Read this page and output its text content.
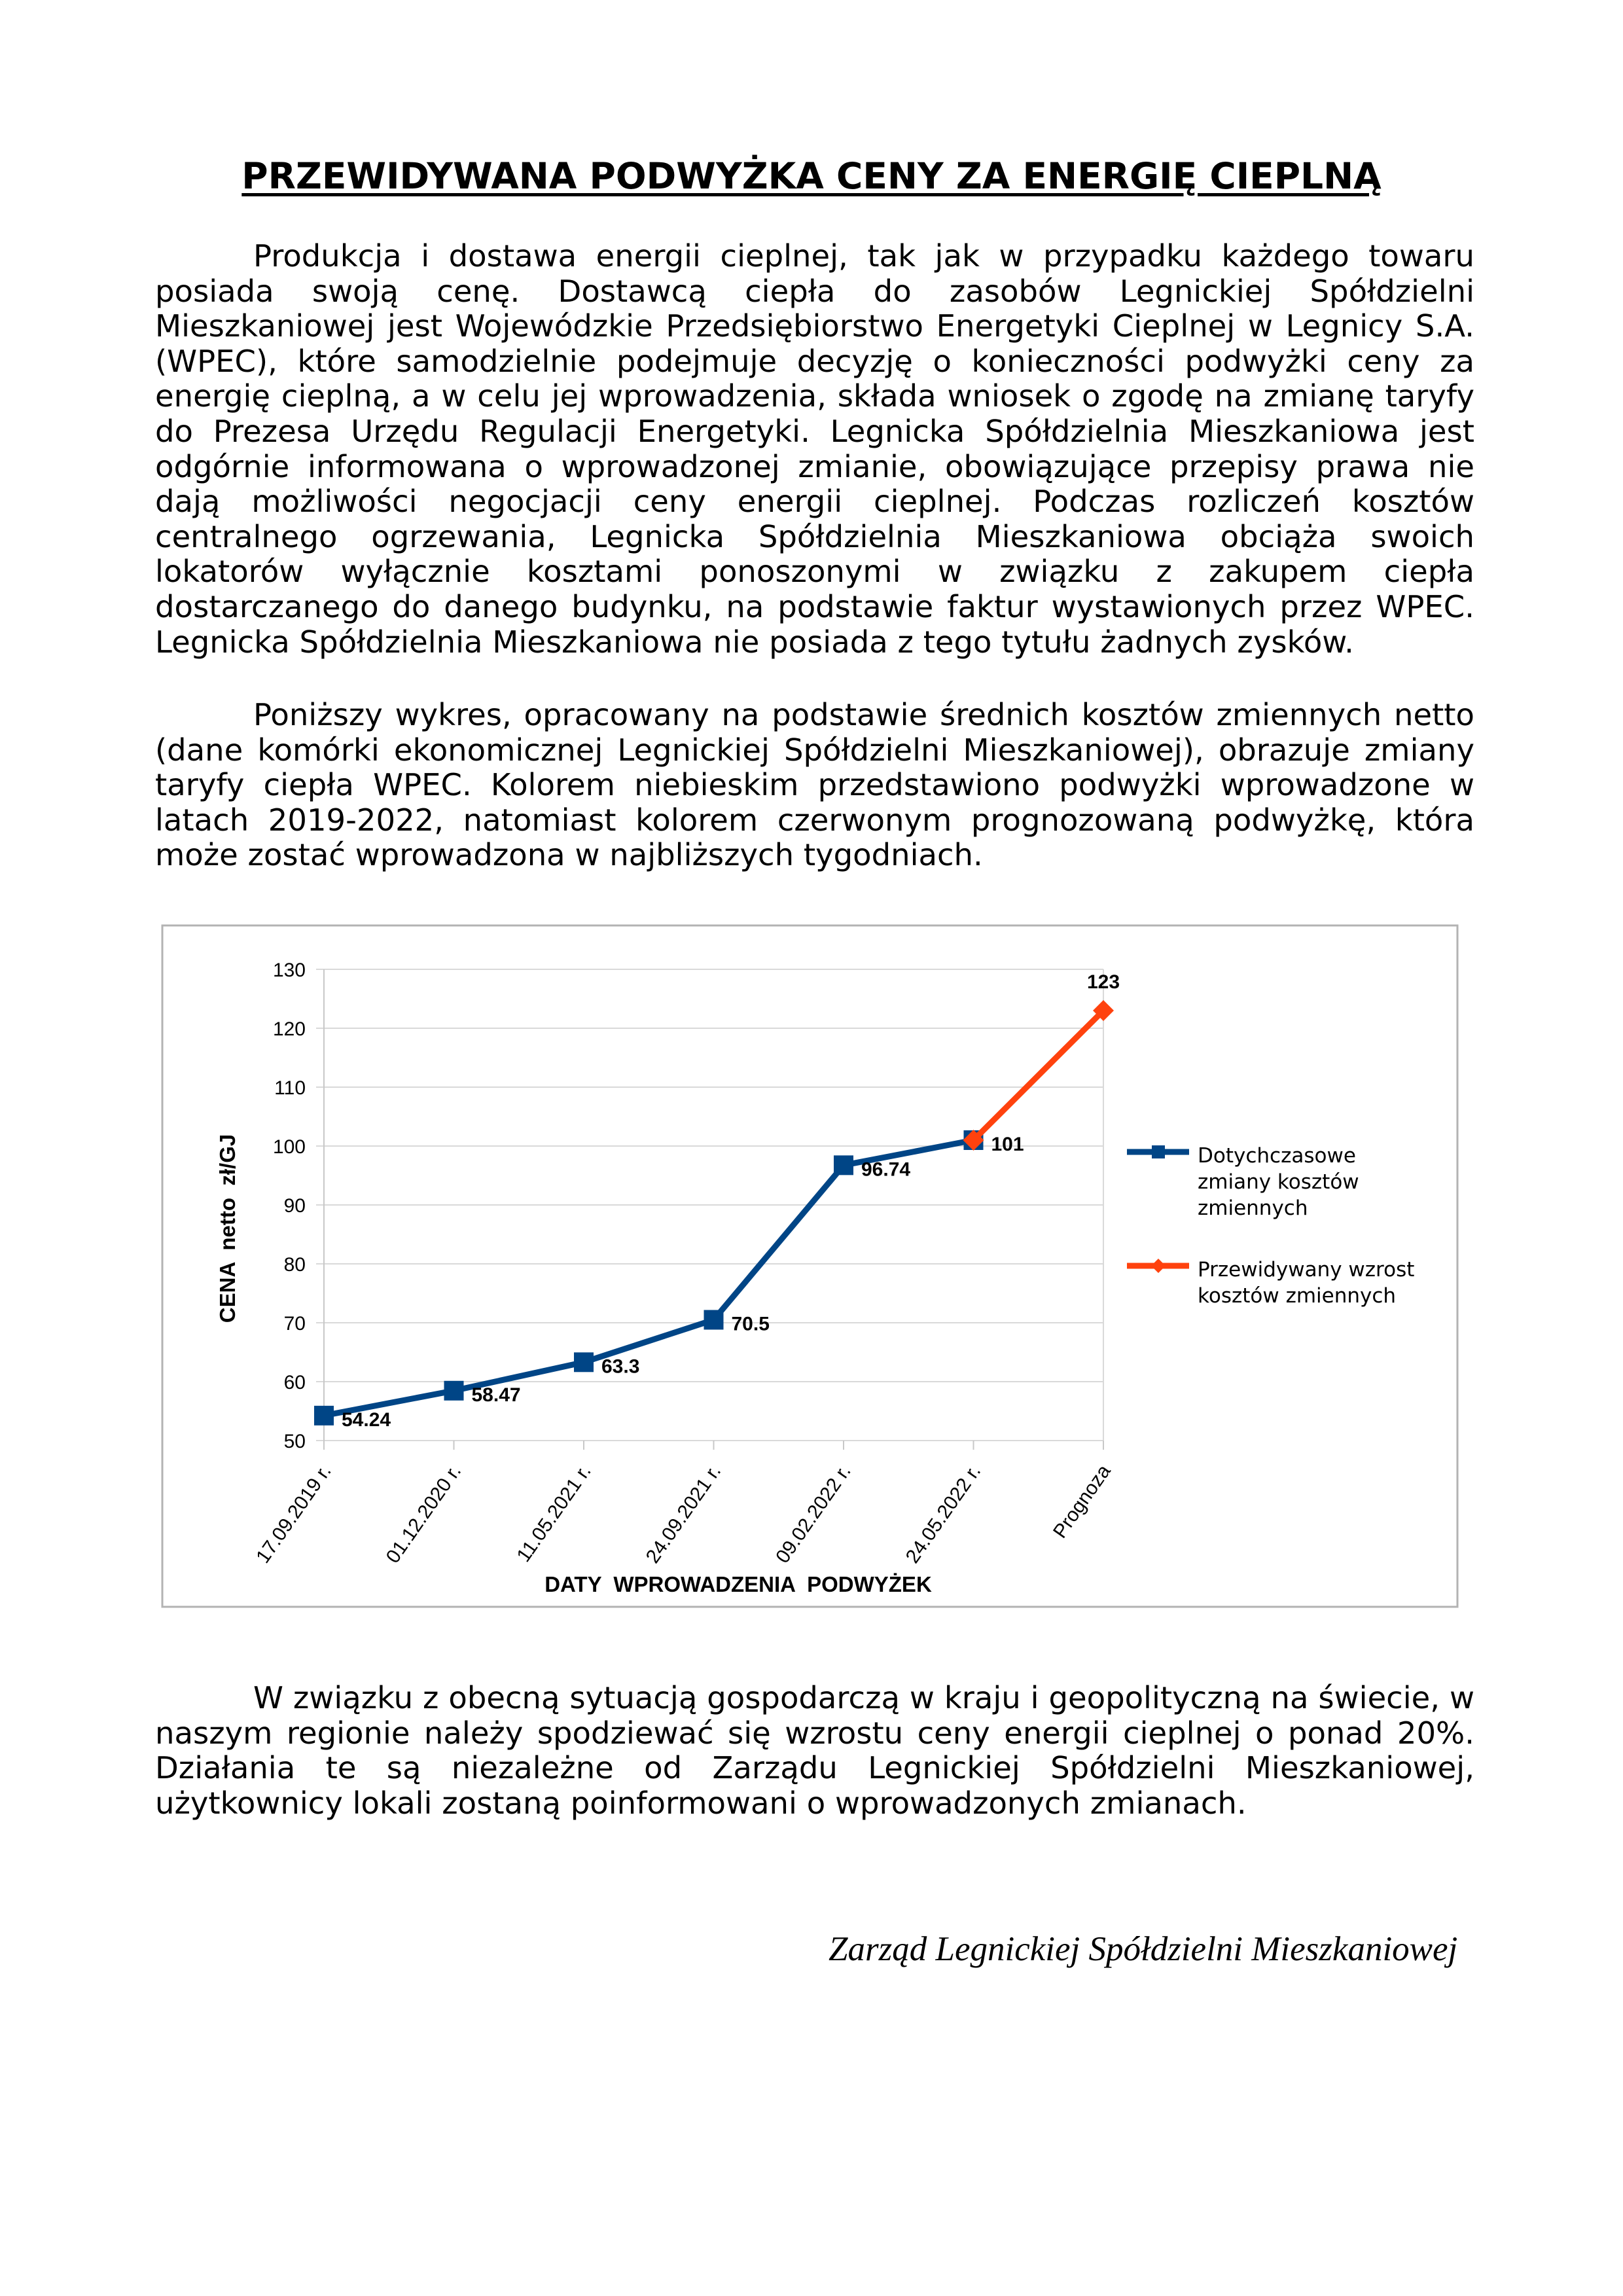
PRZEWIDYWANA PODWYŻKA CENY ZA ENERGIĘ CIEPLNĄ

Produkcja i dostawa energii cieplnej, tak jak w przypadku każdego towaru posiada swoją cenę. Dostawcą ciepła do zasobów Legnickiej Spółdzielni Mieszkaniowej jest Wojewódzkie Przedsiębiorstwo Energetyki Cieplnej w Legnicy S.A. (WPEC), które samodzielnie podejmuje decyzję o konieczności podwyżki ceny za energię cieplną, a w celu jej wprowadzenia, składa wniosek o zgodę na zmianę taryfy do Prezesa Urzędu Regulacji Energetyki. Legnicka Spółdzielnia Mieszkaniowa jest odgórnie informowana o wprowadzonej zmianie, obowiązujące przepisy prawa nie dają możliwości negocjacji ceny energii cieplnej. Podczas rozliczeń kosztów centralnego ogrzewania, Legnicka Spółdzielnia Mieszkaniowa obciąża swoich lokatorów wyłącznie kosztami ponoszonymi w związku z zakupem ciepła dostarczanego do danego budynku, na podstawie faktur wystawionych przez WPEC. Legnicka Spółdzielnia Mieszkaniowa nie posiada z tego tytułu żadnych zysków.

Poniższy wykres, opracowany na podstawie średnich kosztów zmiennych netto (dane komórki ekonomicznej Legnickiej Spółdzielni Mieszkaniowej), obrazuje zmiany taryfy ciepła WPEC. Kolorem niebieskim przedstawiono podwyżki wprowadzone w latach 2019-2022, natomiast kolorem czerwonym prognozowaną podwyżkę, która może zostać wprowadzona w najbliższych tygodniach.

50
60
70
80
90
100
110
120
130
17.09.2019 r. 01.12.2020 r. 11.05.2021 r. 24.09.2021 r. 09.02.2022 r. 24.05.2022 r.	Prognoza
54.24
58.47
63.3
70.5
96.74
101
123
CENA  netto  zł/GJ
DATY  WPROWADZENIA  PODWYŻEK
Dotychczasowe
zmiany kosztów
zmiennych
Przewidywany wzrost
kosztów zmiennych

W związku z obecną sytuacją gospodarczą w kraju i geopolityczną na świecie, w naszym regionie należy spodziewać się wzrostu ceny energii cieplnej o ponad 20%. Działania te są niezależne od Zarządu Legnickiej Spółdzielni Mieszkaniowej, użytkownicy lokali zostaną poinformowani o wprowadzonych zmianach.

Zarząd Legnickiej Spółdzielni Mieszkaniowej
